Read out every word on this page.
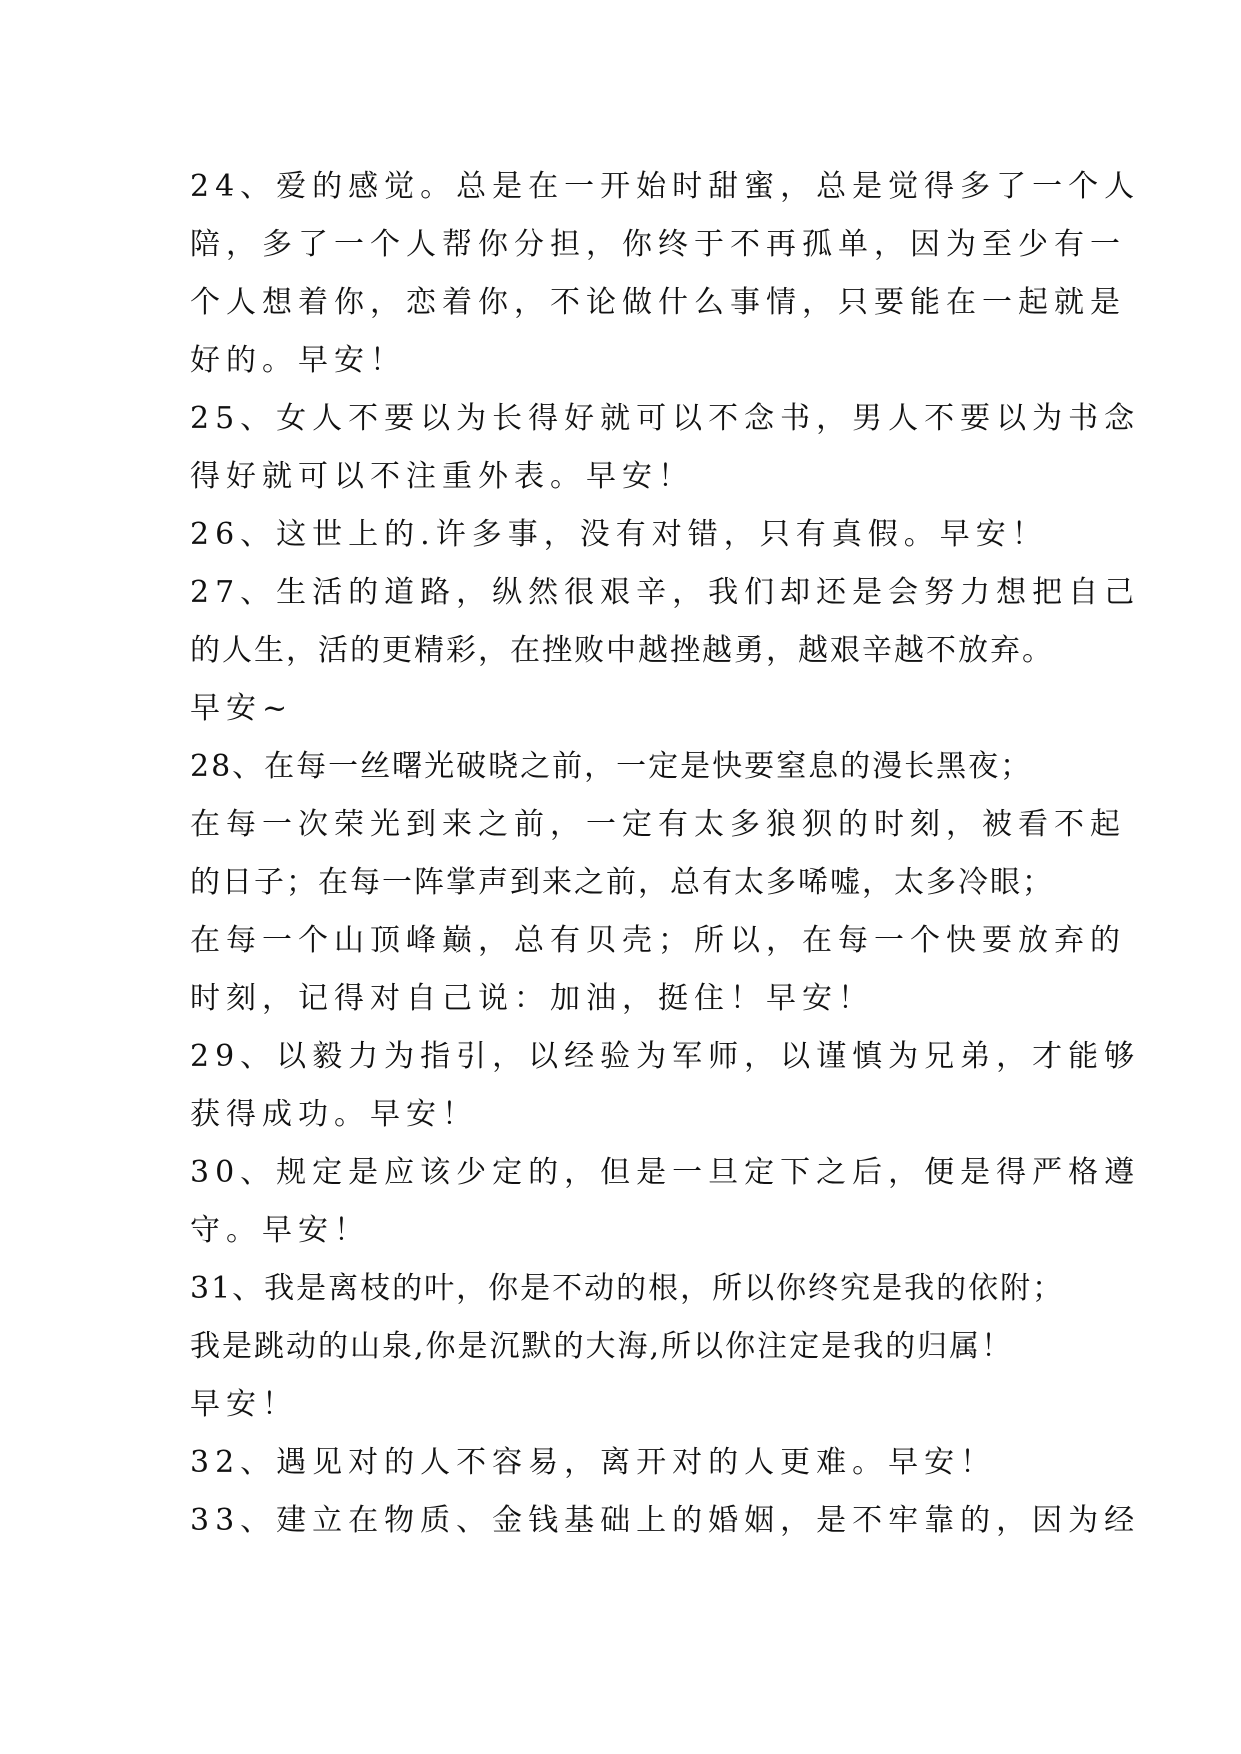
24、爱的感觉。总是在一开始时甜蜜，总是觉得多了一个人
陪，多了一个人帮你分担，你终于不再孤单，因为至少有一
个人想着你，恋着你，不论做什么事情，只要能在一起就是
好的。早安！
25、女人不要以为长得好就可以不念书，男人不要以为书念
得好就可以不注重外表。早安！
26、这世上的.许多事，没有对错，只有真假。早安！
27、生活的道路，纵然很艰辛，我们却还是会努力想把自己
的人生，活的更精彩，在挫败中越挫越勇，越艰辛越不放弃。
早安~
28、在每一丝曙光破晓之前，一定是快要窒息的漫长黑夜；
在每一次荣光到来之前，一定有太多狼狈的时刻，被看不起
的日子；在每一阵掌声到来之前，总有太多唏嘘，太多冷眼；
在每一个山顶峰巅，总有贝壳；所以，在每一个快要放弃的
时刻，记得对自己说：加油，挺住！早安！
29、以毅力为指引，以经验为军师，以谨慎为兄弟，才能够
获得成功。早安！
30、规定是应该少定的，但是一旦定下之后，便是得严格遵
守。早安！
31、我是离枝的叶，你是不动的根，所以你终究是我的依附；
我是跳动的山泉,你是沉默的大海,所以你注定是我的归属！
早安！
32、遇见对的人不容易，离开对的人更难。早安！
33、建立在物质、金钱基础上的婚姻，是不牢靠的，因为经
